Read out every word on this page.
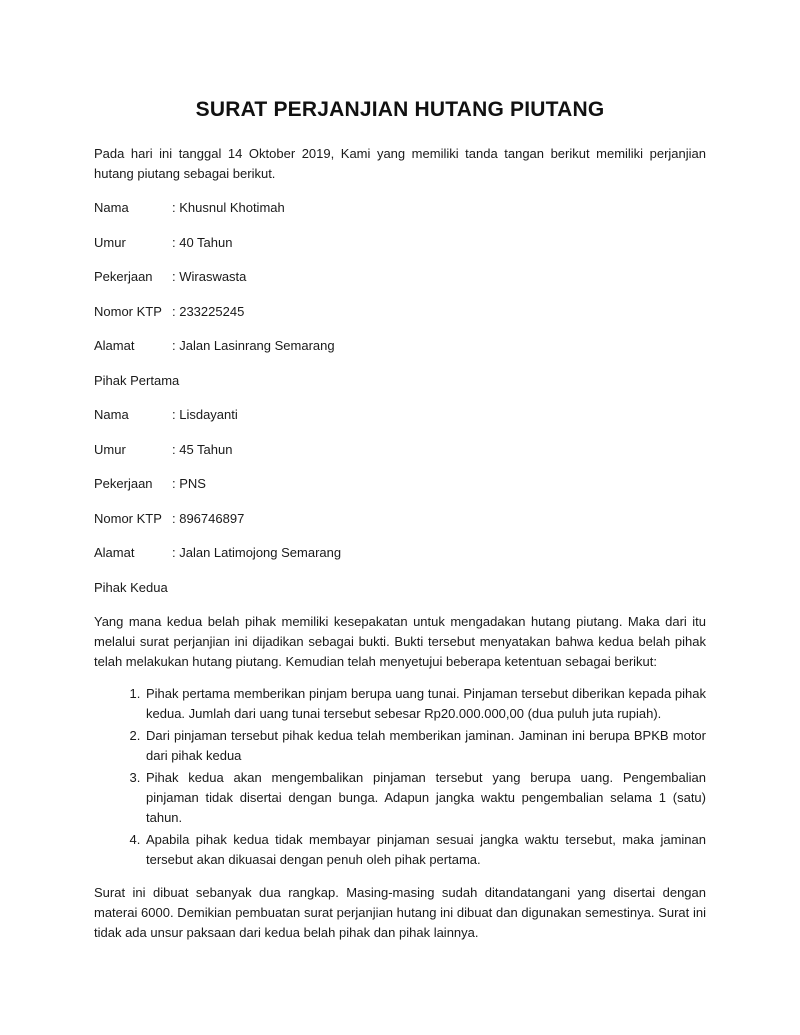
SURAT PERJANJIAN HUTANG PIUTANG
Pada hari ini tanggal 14 Oktober 2019, Kami yang memiliki tanda tangan berikut memiliki perjanjian hutang piutang sebagai berikut.
Nama	: Khusnul Khotimah
Umur	: 40 Tahun
Pekerjaan : Wiraswasta
Nomor KTP : 233225245
Alamat	: Jalan Lasinrang Semarang
Pihak Pertama
Nama	: Lisdayanti
Umur	: 45 Tahun
Pekerjaan : PNS
Nomor KTP : 896746897
Alamat	: Jalan Latimojong Semarang
Pihak Kedua
Yang mana kedua belah pihak memiliki kesepakatan untuk mengadakan hutang piutang. Maka dari itu melalui surat perjanjian ini dijadikan sebagai bukti. Bukti tersebut menyatakan bahwa kedua belah pihak telah melakukan hutang piutang. Kemudian telah menyetujui beberapa ketentuan sebagai berikut:
1. Pihak pertama memberikan pinjam berupa uang tunai. Pinjaman tersebut diberikan kepada pihak kedua. Jumlah dari uang tunai tersebut sebesar Rp20.000.000,00 (dua puluh juta rupiah).
2. Dari pinjaman tersebut pihak kedua telah memberikan jaminan. Jaminan ini berupa BPKB motor dari pihak kedua
3. Pihak kedua akan mengembalikan pinjaman tersebut yang berupa uang. Pengembalian pinjaman tidak disertai dengan bunga. Adapun jangka waktu pengembalian selama 1 (satu) tahun.
4. Apabila pihak kedua tidak membayar pinjaman sesuai jangka waktu tersebut, maka jaminan tersebut akan dikuasai dengan penuh oleh pihak pertama.
Surat ini dibuat sebanyak dua rangkap. Masing-masing sudah ditandatangani yang disertai dengan materai 6000. Demikian pembuatan surat perjanjian hutang ini dibuat dan digunakan semestinya. Surat ini tidak ada unsur paksaan dari kedua belah pihak dan pihak lainnya.
